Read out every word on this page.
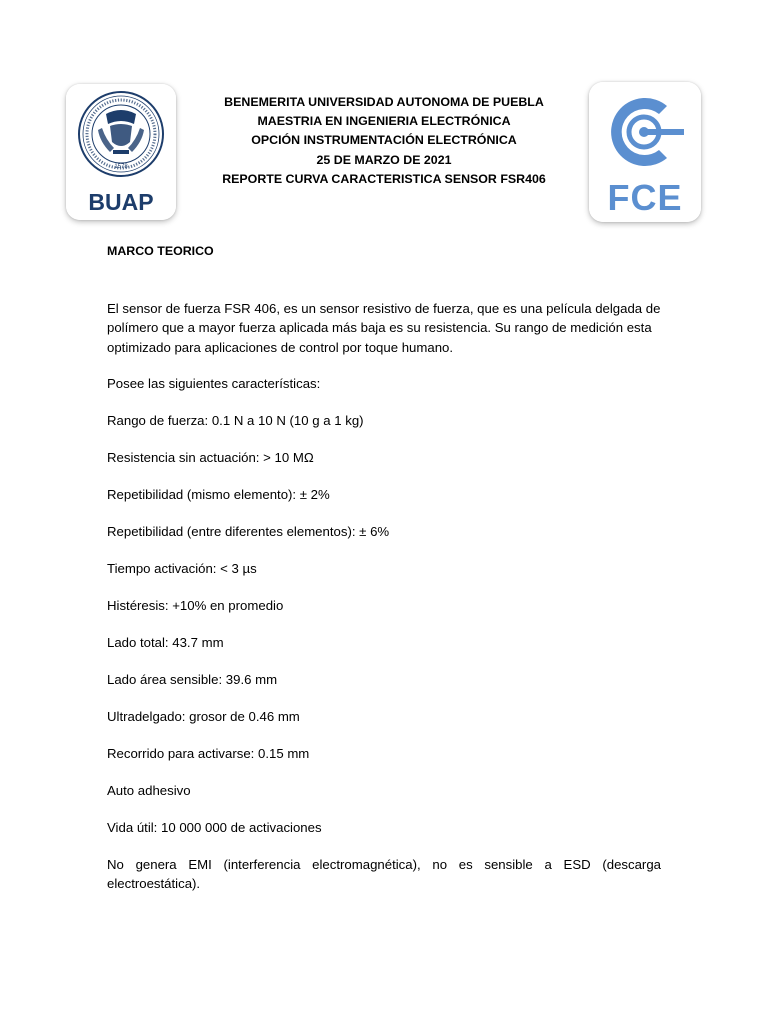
1578
BUAP
BENEMERITA UNIVERSIDAD AUTONOMA DE PUEBLA
MAESTRIA EN INGENIERIA ELECTRÓNICA
OPCIÓN INSTRUMENTACIÓN ELECTRÓNICA
25 DE MARZO DE 2021
REPORTE CURVA CARACTERISTICA SENSOR FSR406	FCE
MARCO TEORICO
El sensor de fuerza FSR 406, es un sensor resistivo de fuerza, que es una película delgada de polímero que a mayor fuerza aplicada más baja es su resistencia. Su rango de medición esta optimizado para aplicaciones de control por toque humano.
Posee las siguientes características:
Rango de fuerza: 0.1 N a 10 N (10 g a 1 kg)
Resistencia sin actuación: > 10 MΩ
Repetibilidad (mismo elemento): ± 2%
Repetibilidad (entre diferentes elementos): ± 6%
Tiempo activación: < 3 µs
Histéresis: +10% en promedio
Lado total: 43.7 mm
Lado área sensible: 39.6 mm
Ultradelgado: grosor de 0.46 mm
Recorrido para activarse: 0.15 mm
Auto adhesivo
Vida útil: 10 000 000 de activaciones
No genera EMI (interferencia electromagnética), no es sensible a ESD (descarga electroestática).
